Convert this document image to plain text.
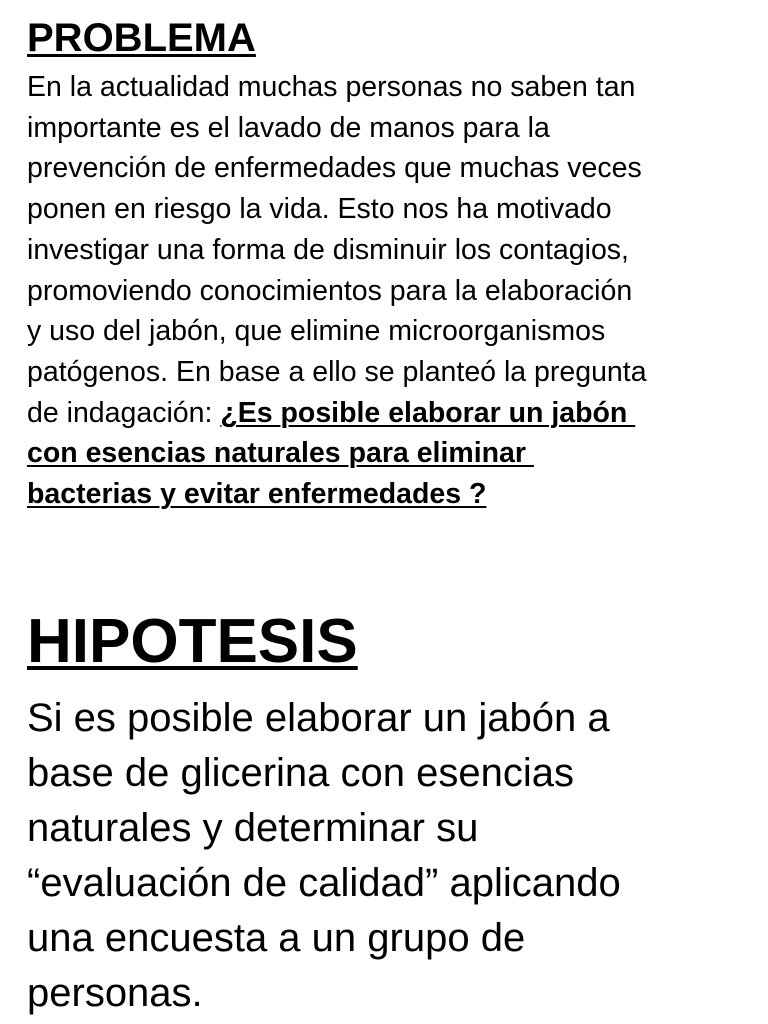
PROBLEMA
En la actualidad muchas personas no saben tan
importante es el lavado de manos para la
prevención de enfermedades que muchas veces
ponen en riesgo la vida. Esto nos ha motivado
investigar una forma de disminuir los contagios,
promoviendo conocimientos para la elaboración
y uso del jabón, que elimine microorganismos
patógenos. En base a ello se planteó la pregunta
de indagación: ¿Es posible elaborar un jabón
con esencias naturales para eliminar
bacterias y evitar enfermedades ?
HIPOTESIS
Si es posible elaborar un jabón a
base de glicerina con esencias
naturales y determinar su
“evaluación de calidad” aplicando
una encuesta a un grupo de
personas.
